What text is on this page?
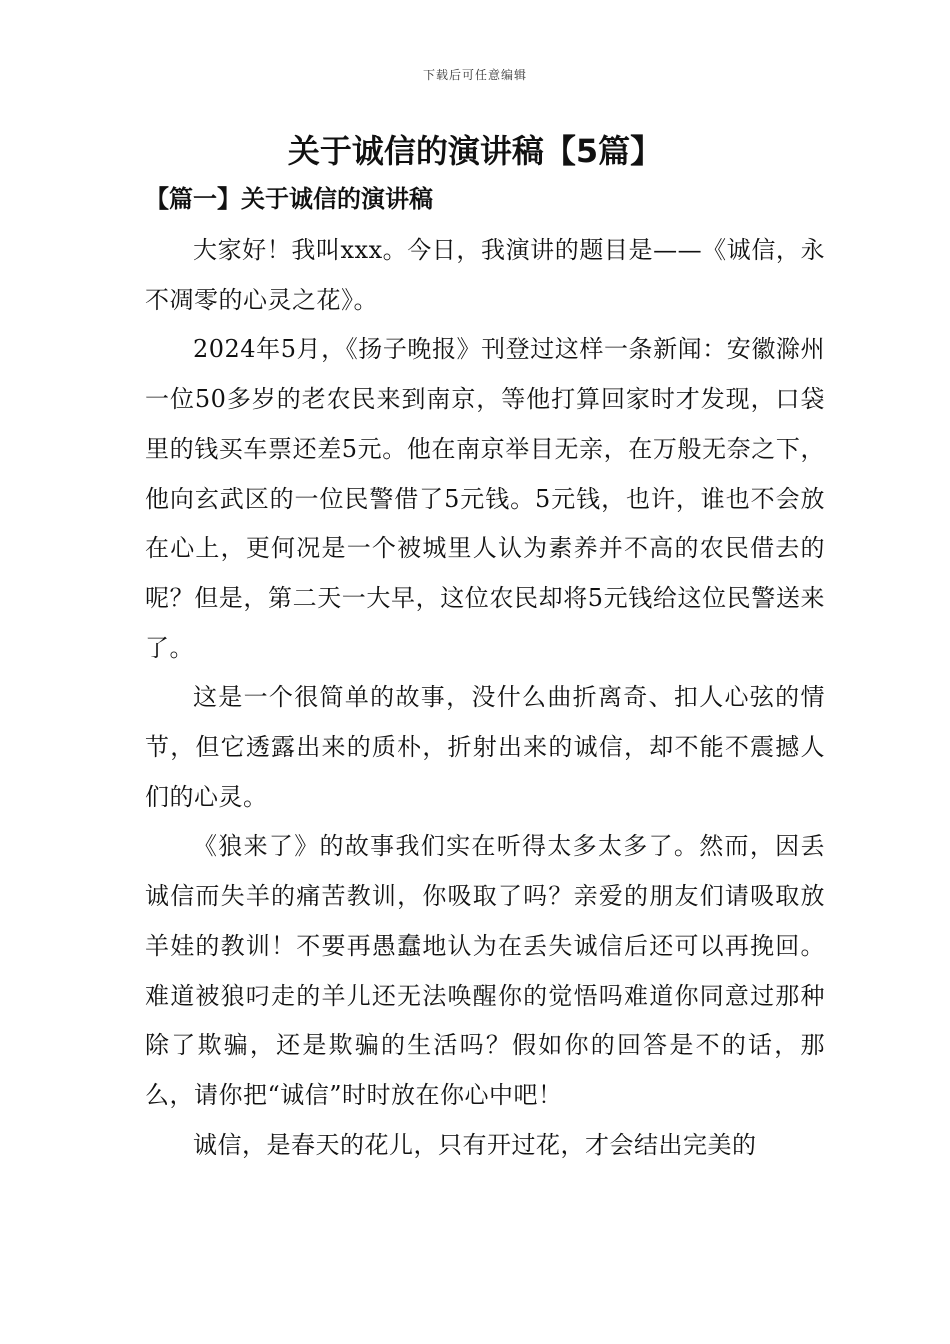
下载后可任意编辑
关于诚信的演讲稿【5篇】
【篇一】关于诚信的演讲稿

大家好！我叫xxx。今日，我演讲的题目是——《诚信，永不凋零的心灵之花》。

2024年5月，《扬子晚报》刊登过这样一条新闻：安徽滁州一位50多岁的老农民来到南京，等他打算回家时才发现，口袋里的钱买车票还差5元。他在南京举目无亲，在万般无奈之下，他向玄武区的一位民警借了5元钱。5元钱，也许，谁也不会放在心上，更何况是一个被城里人认为素养并不高的农民借去的呢？但是，第二天一大早，这位农民却将5元钱给这位民警送来了。

这是一个很简单的故事，没什么曲折离奇、扣人心弦的情节，但它透露出来的质朴，折射出来的诚信，却不能不震撼人们的心灵。

《狼来了》的故事我们实在听得太多太多了。然而，因丢诚信而失羊的痛苦教训，你吸取了吗？亲爱的朋友们请吸取放羊娃的教训！不要再愚蠢地认为在丢失诚信后还可以再挽回。难道被狼叼走的羊儿还无法唤醒你的觉悟吗难道你同意过那种除了欺骗，还是欺骗的生活吗？假如你的回答是不的话，那么，请你把“诚信”时时放在你心中吧！

诚信，是春天的花儿，只有开过花，才会结出完美的
